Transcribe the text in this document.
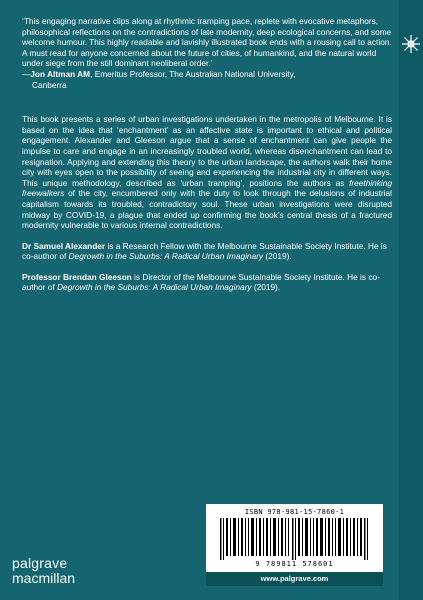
‘This engaging narrative clips along at rhythmic tramping pace, replete with evocative metaphors, philosophical reflections on the contradictions of late modernity, deep ecological concerns, and some welcome humour. This highly readable and lavishly illustrated book ends with a rousing call to action. A must read for anyone concerned about the future of cities, of humankind, and the natural world under siege from the still dominant neoliberal order.’

—Jon Altman AM, Emeritus Professor, The Australian National University,

Canberra

This book presents a series of urban investigations undertaken in the metropolis of Melbourne. It is based on the idea that ‘enchantment’ as an affective state is important to ethical and political engagement. Alexander and Gleeson argue that a sense of enchantment can give people the impulse to care and engage in an increasingly troubled world, whereas disenchantment can lead to resignation. Applying and extending this theory to the urban landscape, the authors walk their home city with eyes open to the possibility of seeing and experiencing the industrial city in different ways. This unique methodology, described as ‘urban tramping’, positions the authors as freethinking freewalkers of the city, encumbered only with the duty to look through the delusions of industrial capitalism towards its troubled, contradictory soul. These urban investigations were disrupted midway by COVID-19, a plague that ended up confirming the book’s central thesis of a fractured modernity vulnerable to various internal contradictions.

Dr Samuel Alexander is a Research Fellow with the Melbourne Sustainable Society Institute. He is co-author of Degrowth in the Suburbs: A Radical Urban Imaginary (2019).

Professor Brendan Gleeson is Director of the Melbourne Sustainable Society Institute. He is co-author of Degrowth in the Suburbs: A Radical Urban Imaginary (2019).

ISBN 978-981-15-7860-1
9 789811 578601
www.palgrave.com
palgrave
macmillan
